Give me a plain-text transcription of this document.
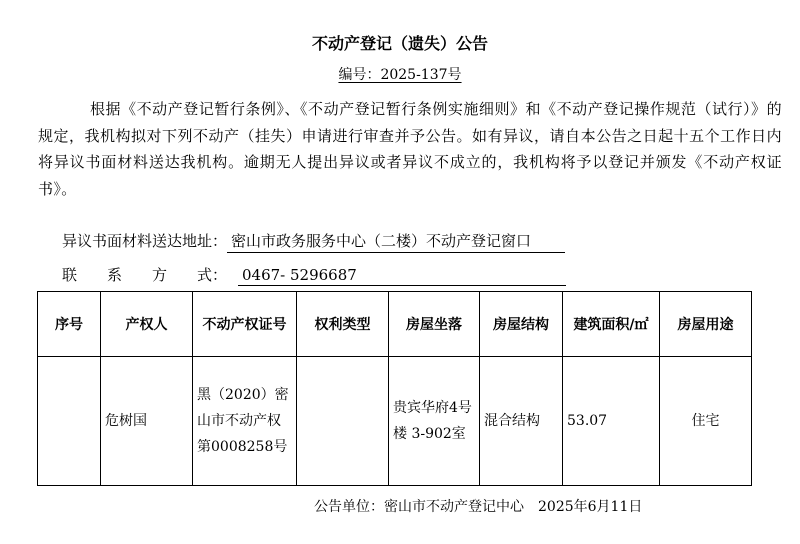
不动产登记（遗失）公告
编号：2025-137号
根据《不动产登记暂行条例》、《不动产登记暂行条例实施细则》和《不动产登记操作规范（试行）》的规定，我机构拟对下列不动产（挂失）申请进行审查并予公告。如有异议，请自本公告之日起十五个工作日内将异议书面材料送达我机构。逾期无人提出异议或者异议不成立的，我机构将予以登记并颁发《不动产权证书》。
异议书面材料送达地址： 密山市政务服务中心（二楼）不动产登记窗口
联　　系　　方　　式： 0467- 5296687
序号	产权人	不动产权证号	权利类型	房屋坐落	房屋结构	建筑面积/㎡	房屋用途
	危树国	黑（2020）密山市不动产权第0008258号		贵宾华府4号楼 3-902室	混合结构	53.07	住宅
公告单位：密山市不动产登记中心 2025年6月11日
